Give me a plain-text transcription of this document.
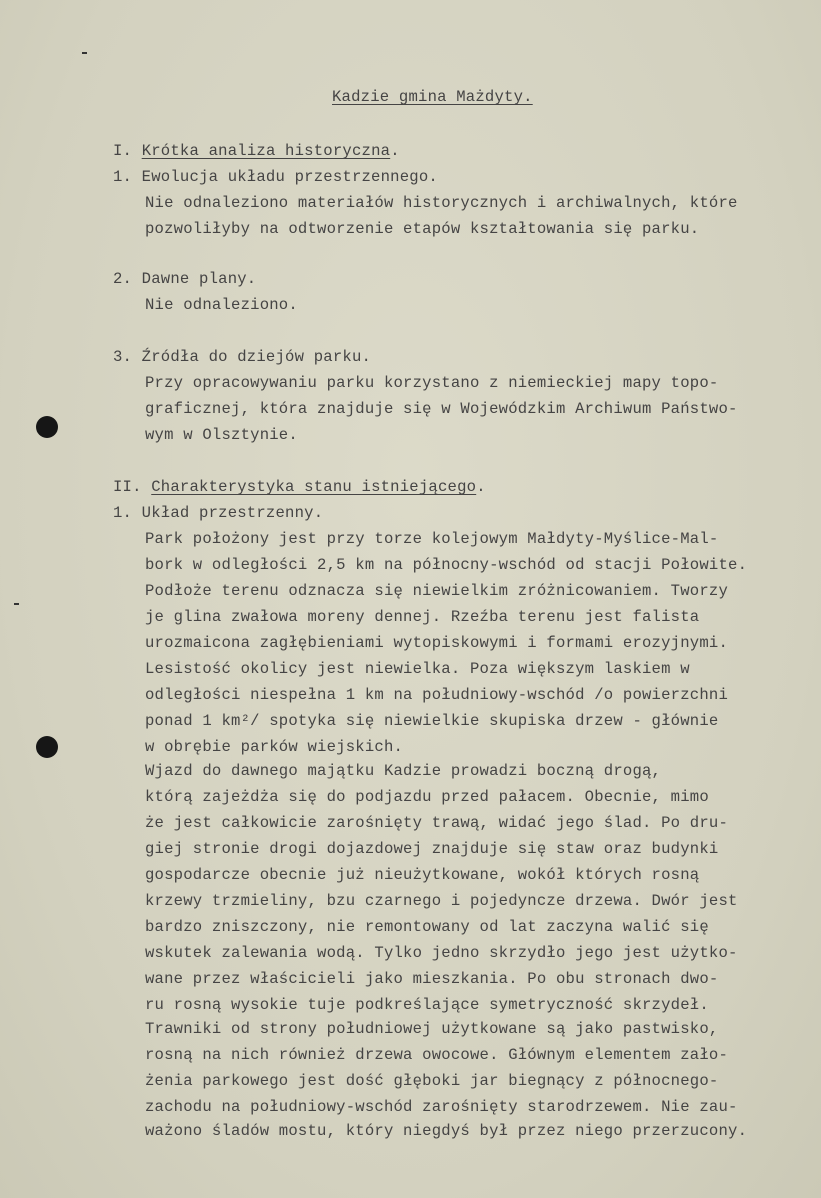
Kadzie gmina Mażdyty.
I. Krótka analiza historyczna.
1. Ewolucja układu przestrzennego.
Nie odnaleziono materiałów historycznych i archiwalnych, które
pozwoliłyby na odtworzenie etapów kształtowania się parku.
2. Dawne plany.
Nie odnaleziono.
3. Źródła do dziejów parku.
Przy opracowywaniu parku korzystano z niemieckiej mapy topo-
graficznej, która znajduje się w Wojewódzkim Archiwum Państwo-
wym w Olsztynie.
II. Charakterystyka stanu istniejącego.
1. Układ przestrzenny.
Park położony jest przy torze kolejowym Małdyty-Myślice-Mal-
bork w odległości 2,5 km na północny-wschód od stacji Połowite.
Podłoże terenu odznacza się niewielkim zróżnicowaniem. Tworzy
je glina zwałowa moreny dennej. Rzeźba terenu jest falista
urozmaicona zagłębieniami wytopiskowymi i formami erozyjnymi.
Lesistość okolicy jest niewielka. Poza większym laskiem w
odległości niespełna 1 km na południowy-wschód /o powierzchni
ponad 1 km²/ spotyka się niewielkie skupiska drzew - głównie
w obrębie parków wiejskich.
Wjazd do dawnego majątku Kadzie prowadzi boczną drogą,
którą zajeżdża się do podjazdu przed pałacem. Obecnie, mimo
że jest całkowicie zarośnięty trawą, widać jego ślad. Po dru-
giej stronie drogi dojazdowej znajduje się staw oraz budynki
gospodarcze obecnie już nieużytkowane, wokół których rosną
krzewy trzmieliny, bzu czarnego i pojedyncze drzewa. Dwór jest
bardzo zniszczony, nie remontowany od lat zaczyna walić się
wskutek zalewania wodą. Tylko jedno skrzydło jego jest użytko-
wane przez właścicieli jako mieszkania. Po obu stronach dwo-
ru rosną wysokie tuje podkreślające symetryczność skrzydeł.
Trawniki od strony południowej użytkowane są jako pastwisko,
rosną na nich również drzewa owocowe. Głównym elementem zało-
żenia parkowego jest dość głęboki jar biegnący z północnego-
zachodu na południowy-wschód zarośnięty starodrzewem. Nie zau-
ważono śladów mostu, który niegdyś był przez niego przerzucony.
